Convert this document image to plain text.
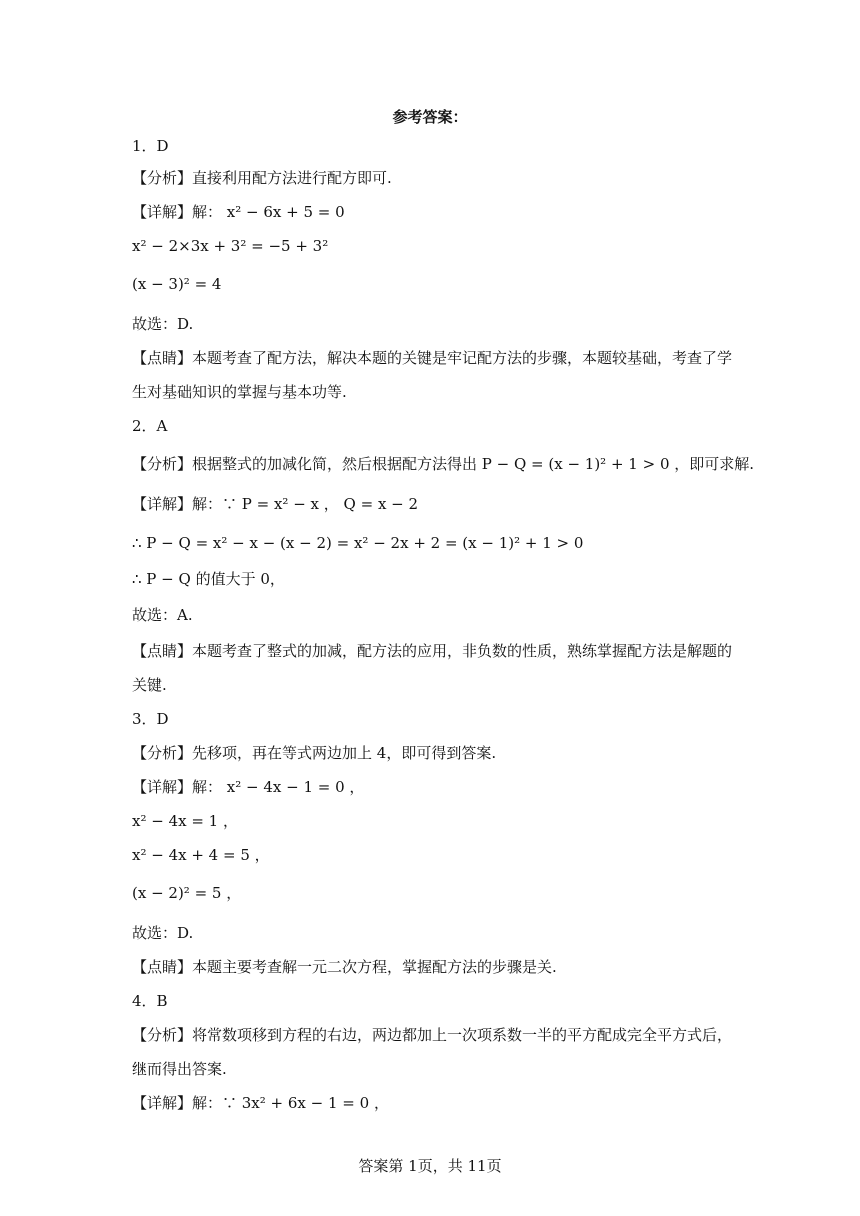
参考答案：
1．D
【分析】直接利用配方法进行配方即可.
【详解】解： x² − 6x + 5 = 0
x² − 2×3x + 3² = −5 + 3²
(x − 3)² = 4
故选：D.
【点睛】本题考查了配方法，解决本题的关键是牢记配方法的步骤，本题较基础，考查了学
生对基础知识的掌握与基本功等.
2．A
【分析】根据整式的加减化简，然后根据配方法得出 P − Q = (x − 1)² + 1 > 0 ，即可求解.
【详解】解：∵ P = x² − x ， Q = x − 2
∴ P − Q = x² − x − (x − 2) = x² − 2x + 2 = (x − 1)² + 1 > 0
∴ P − Q 的值大于 0，
故选：A.
【点睛】本题考查了整式的加减，配方法的应用，非负数的性质，熟练掌握配方法是解题的
关键.
3．D
【分析】先移项，再在等式两边加上 4，即可得到答案.
【详解】解： x² − 4x − 1 = 0 ，
x² − 4x = 1 ，
x² − 4x + 4 = 5 ，
(x − 2)² = 5 ，
故选：D.
【点睛】本题主要考查解一元二次方程，掌握配方法的步骤是关.
4．B
【分析】将常数项移到方程的右边，两边都加上一次项系数一半的平方配成完全平方式后，
继而得出答案.
【详解】解：∵ 3x² + 6x − 1 = 0 ，
答案第 1页，共 11页
